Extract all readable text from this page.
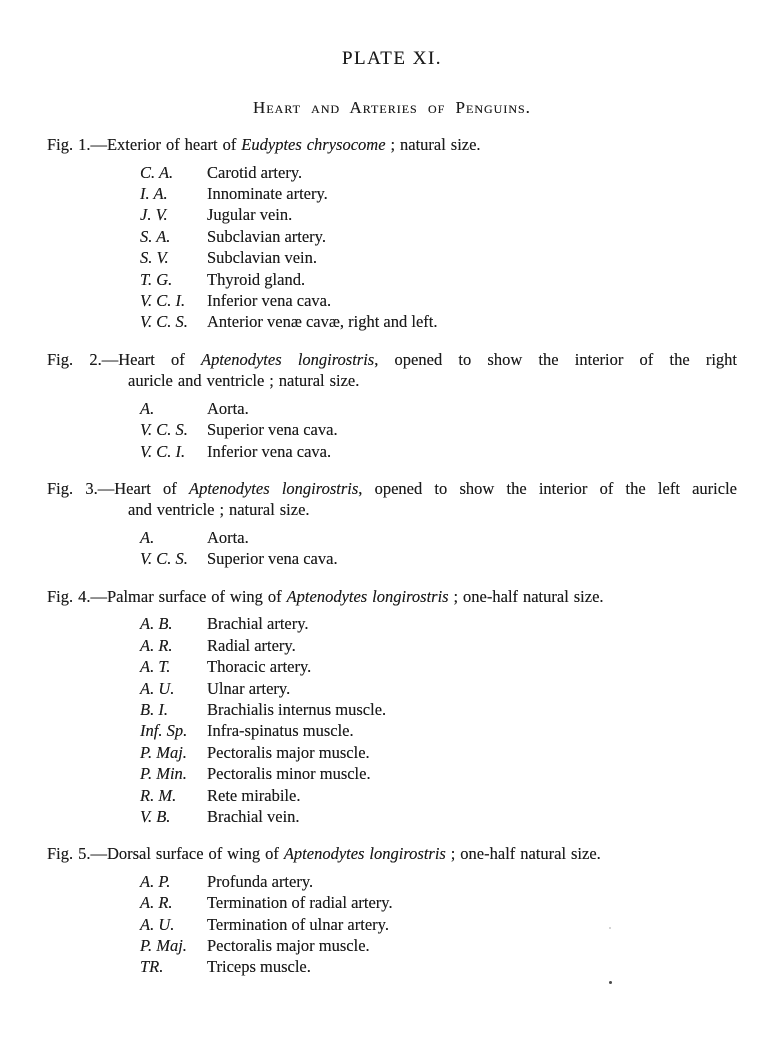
PLATE XI.
Heart and Arteries of Penguins.

Fig. 1.—Exterior of heart of Eudyptes chrysocome ; natural size.

C. A.	Carotid artery.
I. A.	Innominate artery.
J. V.	Jugular vein.
S. A.	Subclavian artery.
S. V.	Subclavian vein.
T. G.	Thyroid gland.
V. C. I.	Inferior vena cava.
V. C. S.	Anterior venæ cavæ, right and left.

Fig. 2.—Heart of Aptenodytes longirostris, opened to show the interior of the right
auricle and ventricle ; natural size.

A.	Aorta.
V. C. S.	Superior vena cava.
V. C. I.	Inferior vena cava.

Fig. 3.—Heart of Aptenodytes longirostris, opened to show the interior of the left auricle
and ventricle ; natural size.

A.	Aorta.
V. C. S.	Superior vena cava.

Fig. 4.—Palmar surface of wing of Aptenodytes longirostris ; one-half natural size.

A. B.	Brachial artery.
A. R.	Radial artery.
A. T.	Thoracic artery.
A. U.	Ulnar artery.
B. I.	Brachialis internus muscle.
Inf. Sp.	Infra-spinatus muscle.
P. Maj.	Pectoralis major muscle.
P. Min.	Pectoralis minor muscle.
R. M.	Rete mirabile.
V. B.	Brachial vein.

Fig. 5.—Dorsal surface of wing of Aptenodytes longirostris ; one-half natural size.

A. P.	Profunda artery.
A. R.	Termination of radial artery.
A. U.	Termination of ulnar artery.
P. Maj.	Pectoralis major muscle.
TR.	Triceps muscle.
